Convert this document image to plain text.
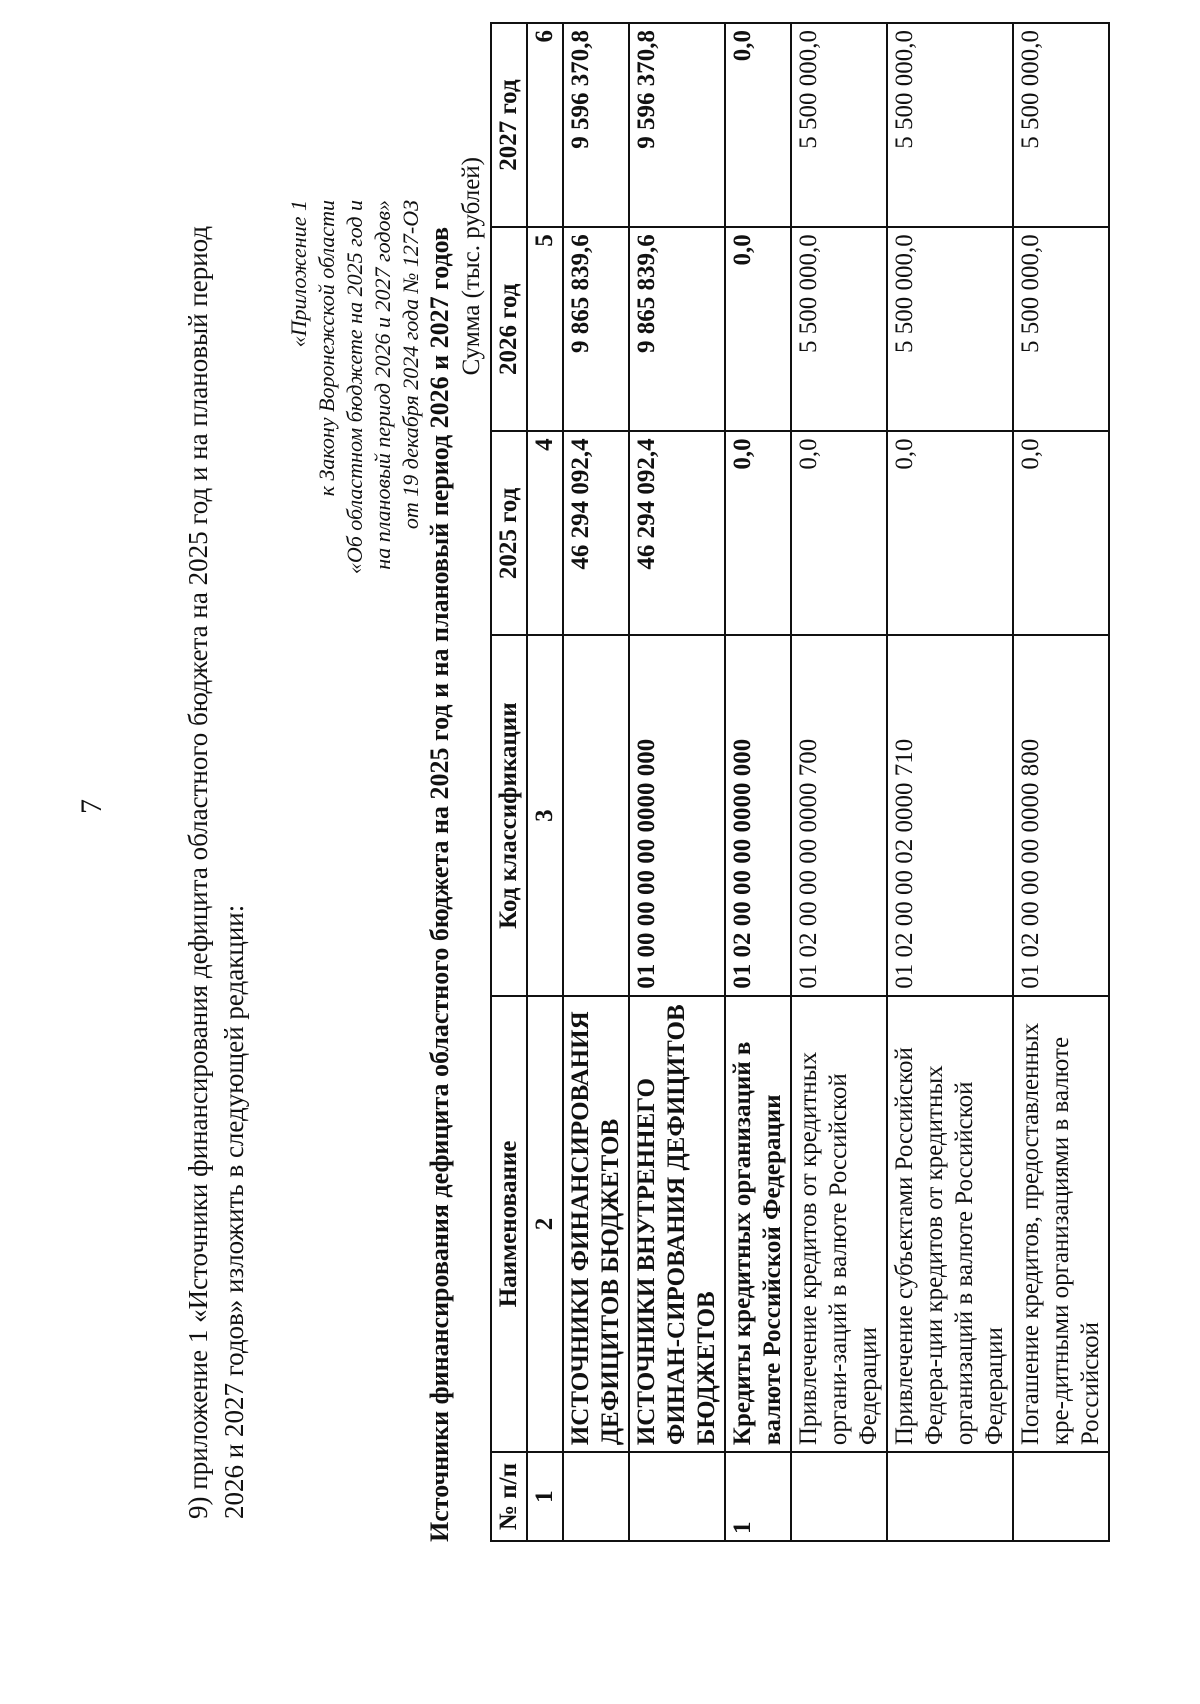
7	9) приложение 1 «Источники финансирования дефицита областного бюджета на 2025 год и на плановый период 2026 и 2027 годов» изложить в следующей редакции:
«Приложение 1 к Закону Воронежской области «Об областном бюджете на 2025 год и на плановый период 2026 и 2027 годов» от 19 декабря 2024 года № 127-ОЗ Источники финансирования дефицита областного бюджета на 2025 год и на плановый период 2026 и 2027 годов Сумма (тыс. рублей)
№ п/п	Наименование	Код классификации	2025 год	2026 год	2027 год
1	2	3	4	5	6
	ИСТОЧНИКИ ФИНАНСИРОВАНИЯ ДЕФИЦИТОВ БЮДЖЕТОВ		46 294 092,4	9 865 839,6	9 596 370,8
	ИСТОЧНИКИ ВНУТРЕННЕГО ФИНАН-СИРОВАНИЯ ДЕФИЦИТОВ БЮДЖЕТОВ	01 00 00 00 00 0000 000	46 294 092,4	9 865 839,6	9 596 370,8
1	Кредиты кредитных организаций в валюте Российской Федерации	01 02 00 00 00 0000 000	0,0	0,0	0,0
	Привлечение кредитов от кредитных органи-заций в валюте Российской Федерации	01 02 00 00 00 0000 700	0,0	5 500 000,0	5 500 000,0
	Привлечение субъектами Российской Федера-ции кредитов от кредитных организаций в валюте Российской Федерации	01 02 00 00 02 0000 710	0,0	5 500 000,0	5 500 000,0
	Погашение кредитов, предоставленных кре-дитными организациями в валюте Российской	01 02 00 00 00 0000 800	0,0	5 500 000,0	5 500 000,0
